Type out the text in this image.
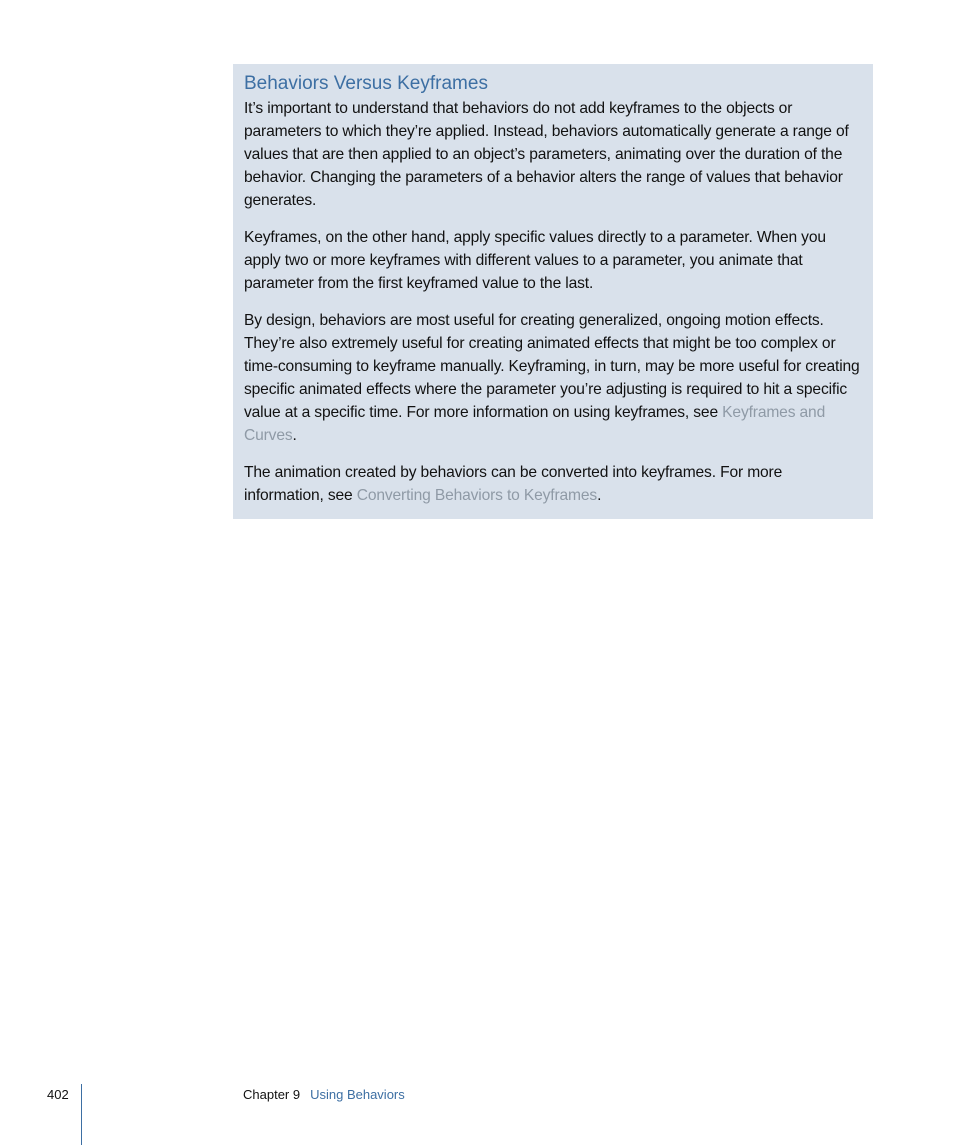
Behaviors Versus Keyframes

It’s important to understand that behaviors do not add keyframes to the objects or parameters to which they’re applied. Instead, behaviors automatically generate a range of values that are then applied to an object’s parameters, animating over the duration of the behavior. Changing the parameters of a behavior alters the range of values that behavior generates.

Keyframes, on the other hand, apply specific values directly to a parameter. When you apply two or more keyframes with different values to a parameter, you animate that parameter from the first keyframed value to the last.

By design, behaviors are most useful for creating generalized, ongoing motion effects. They’re also extremely useful for creating animated effects that might be too complex or time-consuming to keyframe manually. Keyframing, in turn, may be more useful for creating specific animated effects where the parameter you’re adjusting is required to hit a specific value at a specific time. For more information on using keyframes, see Keyframes and Curves.

The animation created by behaviors can be converted into keyframes. For more information, see Converting Behaviors to Keyframes.

402	Chapter 9 Using Behaviors
